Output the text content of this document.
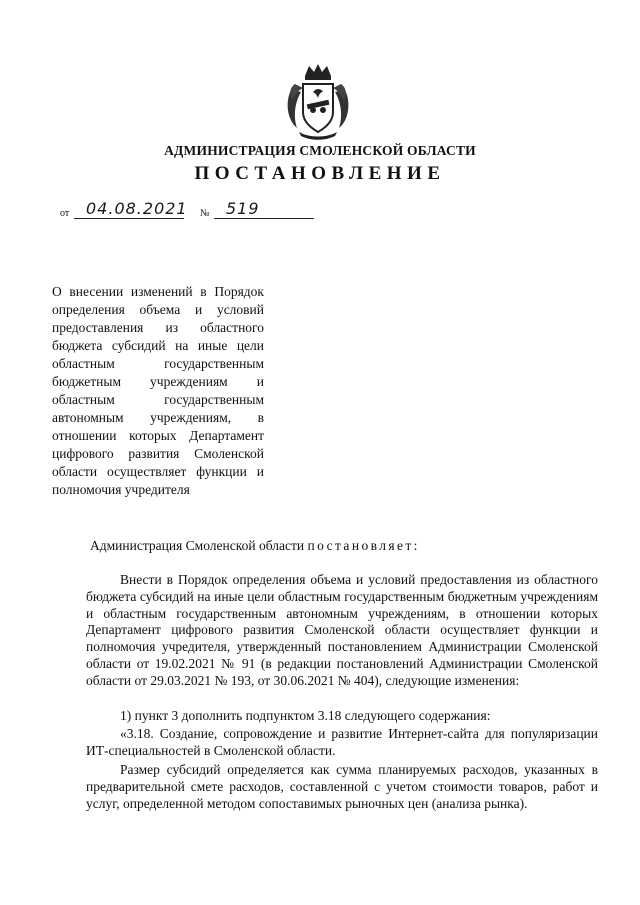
АДМИНИСТРАЦИЯ СМОЛЕНСКОЙ ОБЛАСТИ
ПОСТАНОВЛЕНИЕ
от 04.08.2021 № 519
О внесении изменений в Порядок определения объема и условий предоставления из областного бюджета субсидий на иные цели областным государственным бюджетным учреждениям и областным государственным автономным учреждениям, в отношении которых Департамент цифрового развития Смоленской области осуществляет функции и полномочия учредителя
Администрация Смоленской области постановляет:
Внести в Порядок определения объема и условий предоставления из областного бюджета субсидий на иные цели областным государственным бюджетным учреждениям и областным государственным автономным учреждениям, в отношении которых Департамент цифрового развития Смоленской области осуществляет функции и полномочия учредителя, утвержденный постановлением Администрации Смоленской области от 19.02.2021 № 91 (в редакции постановлений Администрации Смоленской области от 29.03.2021 № 193, от 30.06.2021 № 404), следующие изменения:
1) пункт 3 дополнить подпунктом 3.18 следующего содержания:
«3.18. Создание, сопровождение и развитие Интернет-сайта для популяризации ИТ-специальностей в Смоленской области.
Размер субсидий определяется как сумма планируемых расходов, указанных в предварительной смете расходов, составленной с учетом стоимости товаров, работ и услуг, определенной методом сопоставимых рыночных цен (анализа рынка).
